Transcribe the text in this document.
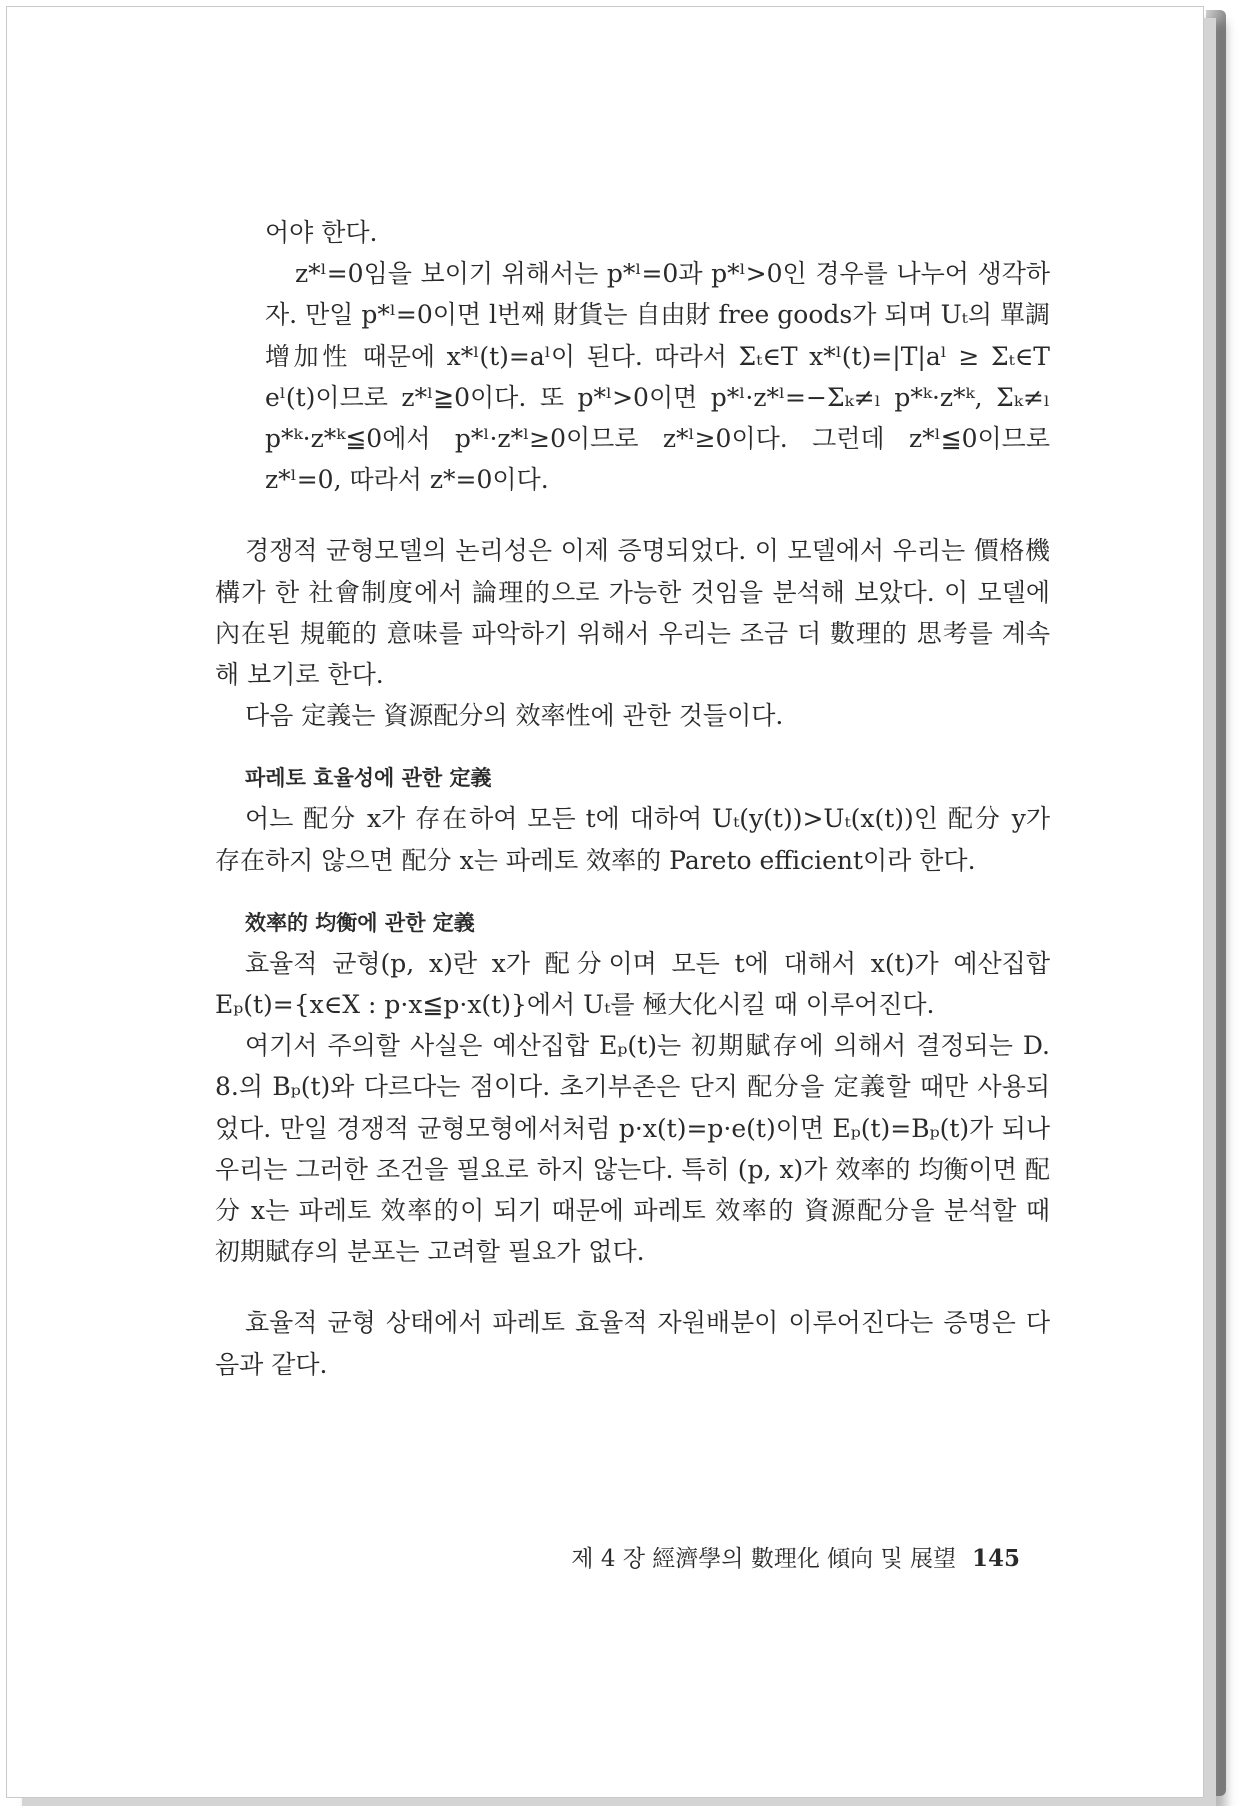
어야 한다.

z*ˡ=0임을 보이기 위해서는 p*ˡ=0과 p*ˡ>0인 경우를 나누어 생각하자. 만일 p*ˡ=0이면 l번째 財貨는 自由財 free goods가 되며 Uₜ의 單調增加性 때문에 x*ˡ(t)=aˡ이 된다. 따라서 Σₜ∈T x*ˡ(t)=|T|aˡ ≥ Σₜ∈T eˡ(t)이므로 z*ˡ≧0이다. 또 p*ˡ>0이면 p*ˡ·z*ˡ=−Σₖ≠ₗ p*ᵏ·z*ᵏ, Σₖ≠ₗ p*ᵏ·z*ᵏ≦0에서 p*ˡ·z*ˡ≥0이므로 z*ˡ≥0이다. 그런데 z*ˡ≦0이므로 z*ˡ=0, 따라서 z*=0이다.

경쟁적 균형모델의 논리성은 이제 증명되었다. 이 모델에서 우리는 價格機構가 한 社會制度에서 論理的으로 가능한 것임을 분석해 보았다. 이 모델에 內在된 規範的 意味를 파악하기 위해서 우리는 조금 더 數理的 思考를 계속해 보기로 한다.

다음 定義는 資源配分의 效率性에 관한 것들이다.

파레토 효율성에 관한 定義

어느 配分 x가 存在하여 모든 t에 대하여 Uₜ(y(t))>Uₜ(x(t))인 配分 y가 存在하지 않으면 配分 x는 파레토 效率的 Pareto efficient이라 한다.

效率的 均衡에 관한 定義

효율적 균형(p, x)란 x가 配分이며 모든 t에 대해서 x(t)가 예산집합 Eₚ(t)={x∈X : p·x≦p·x(t)}에서 Uₜ를 極大化시킬 때 이루어진다.

여기서 주의할 사실은 예산집합 Eₚ(t)는 初期賦存에 의해서 결정되는 D. 8.의 Bₚ(t)와 다르다는 점이다. 초기부존은 단지 配分을 定義할 때만 사용되었다. 만일 경쟁적 균형모형에서처럼 p·x(t)=p·e(t)이면 Eₚ(t)=Bₚ(t)가 되나 우리는 그러한 조건을 필요로 하지 않는다. 특히 (p, x)가 效率的 均衡이면 配分 x는 파레토 效率的이 되기 때문에 파레토 效率的 資源配分을 분석할 때 初期賦存의 분포는 고려할 필요가 없다.

효율적 균형 상태에서 파레토 효율적 자원배분이 이루어진다는 증명은 다음과 같다.

제 4 장 經濟學의 數理化 傾向 및 展望 145
